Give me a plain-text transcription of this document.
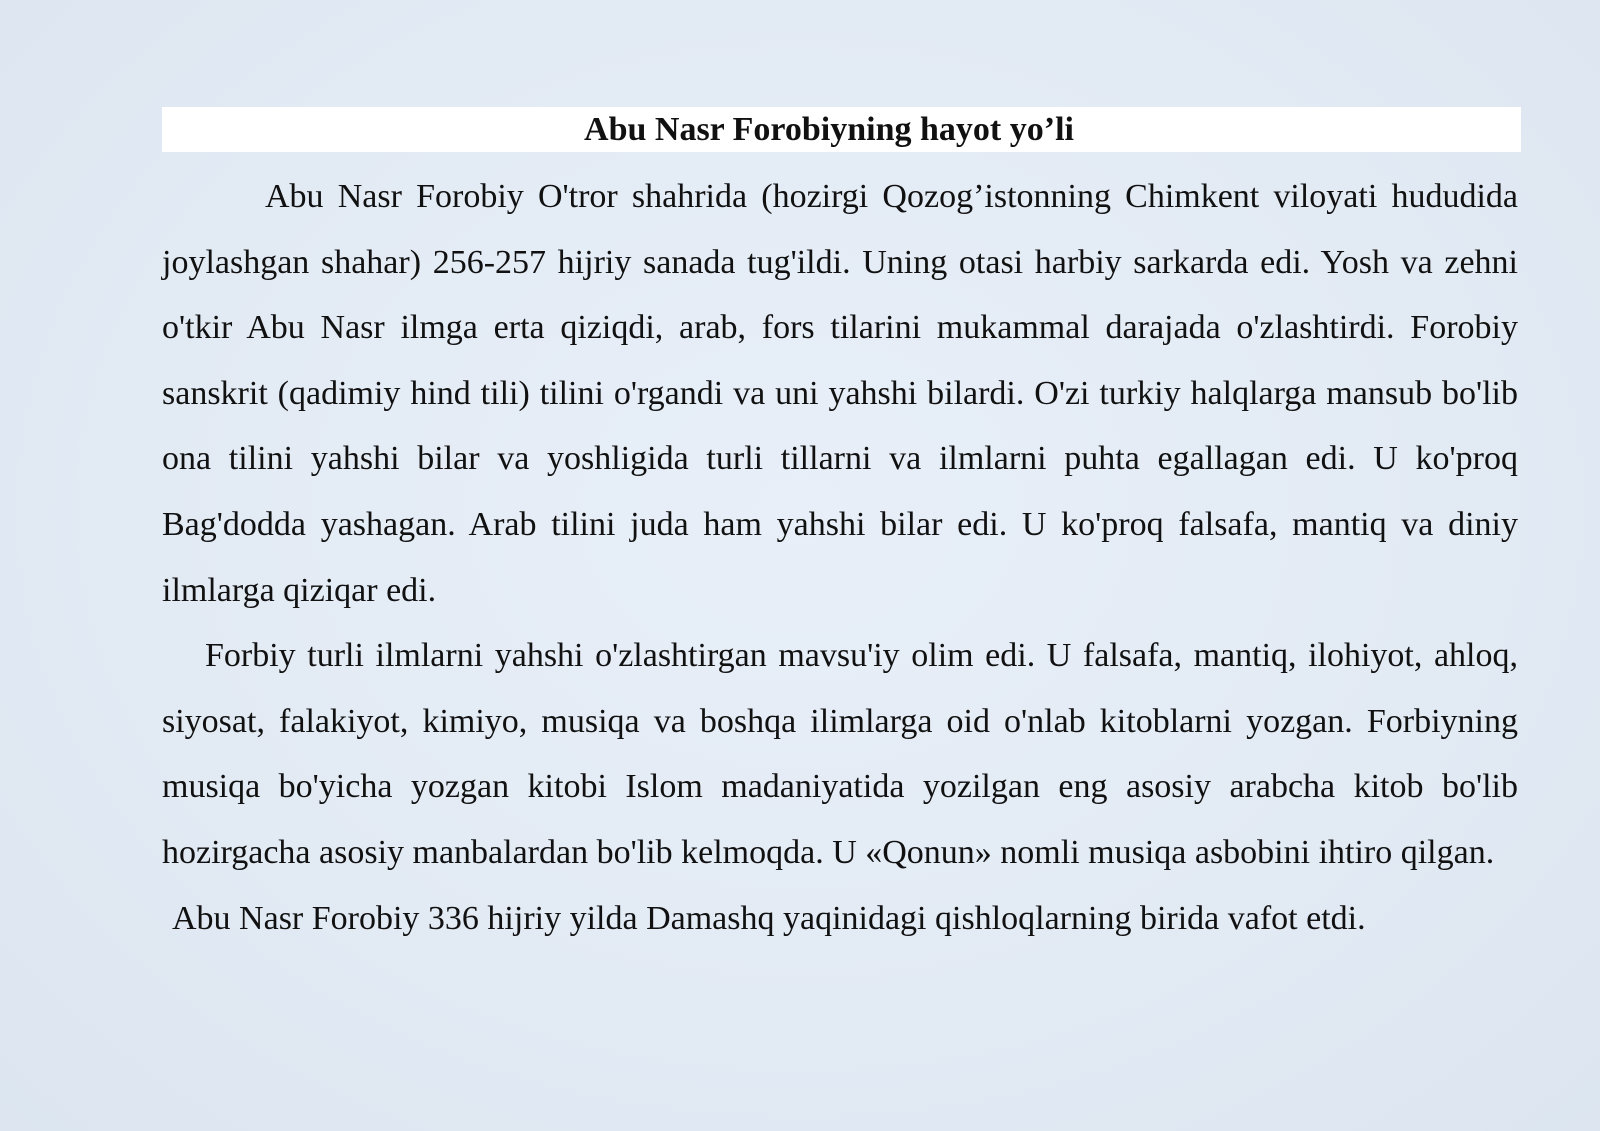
Abu Nasr Forobiyning hayot yo’li

Abu Nasr Forobiy O'tror shahrida (hozirgi Qozog’istonning Chimkent viloyati hududida joylashgan shahar) 256-257 hijriy sanada tug'ildi. Uning otasi harbiy sarkarda edi. Yosh va zehni o'tkir Abu Nasr ilmga erta qiziqdi, arab, fors tilarini mukammal darajada o'zlashtirdi. Forobiy sanskrit (qadimiy hind tili) tilini o'rgandi va uni yahshi bilardi. O'zi turkiy halqlarga mansub bo'lib ona tilini yahshi bilar va yoshligida turli tillarni va ilmlarni puhta egallagan edi. U ko'proq Bag'dodda yashagan. Arab tilini juda ham yahshi bilar edi. U ko'proq falsafa, mantiq va diniy ilmlarga qiziqar edi.

Forbiy turli ilmlarni yahshi o'zlashtirgan mavsu'iy olim edi. U falsafa, mantiq, ilohiyot, ahloq, siyosat, falakiyot, kimiyo, musiqa va boshqa ilimlarga oid o'nlab kitoblarni yozgan. Forbiyning musiqa bo'yicha yozgan kitobi Islom madaniyatida yozilgan eng asosiy arabcha kitob bo'lib hozirgacha asosiy manbalardan bo'lib kelmoqda. U «Qonun» nomli musiqa asbobini ihtiro qilgan.

Abu Nasr Forobiy 336 hijriy yilda Damashq yaqinidagi qishloqlarning birida vafot etdi.
